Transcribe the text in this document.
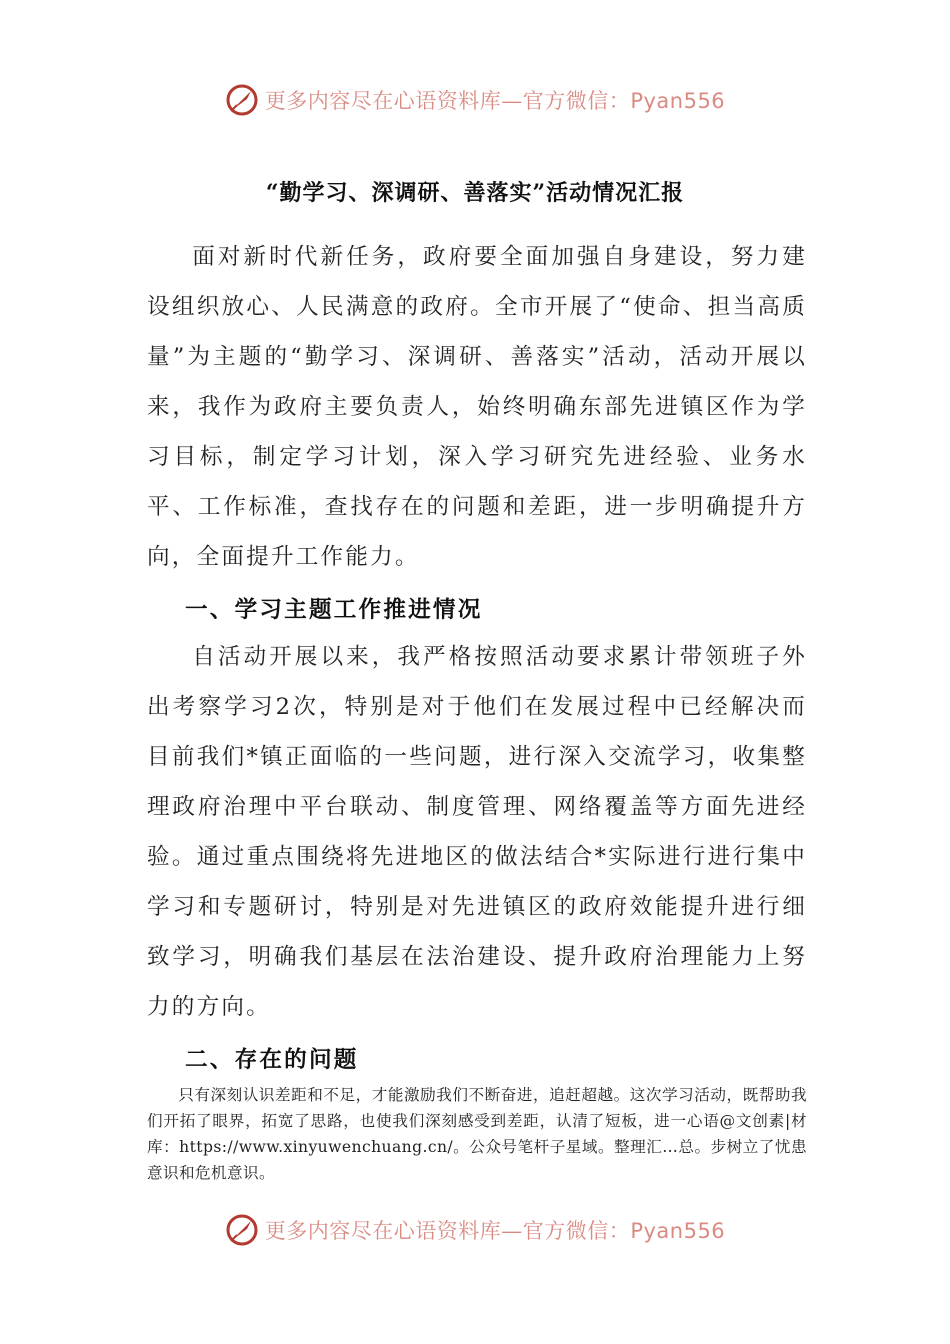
更多内容尽在心语资料库—官方微信：Pyan556
“勤学习、深调研、善落实”活动情况汇报
面对新时代新任务，政府要全面加强自身建设，努力建设组织放心、人民满意的政府。全市开展了“使命、担当高质量”为主题的“勤学习、深调研、善落实”活动，活动开展以来，我作为政府主要负责人，始终明确东部先进镇区作为学习目标，制定学习计划，深入学习研究先进经验、业务水平、工作标准，查找存在的问题和差距，进一步明确提升方向，全面提升工作能力。
一、学习主题工作推进情况
自活动开展以来，我严格按照活动要求累计带领班子外出考察学习2次，特别是对于他们在发展过程中已经解决而目前我们*镇正面临的一些问题，进行深入交流学习，收集整理政府治理中平台联动、制度管理、网络覆盖等方面先进经验。通过重点围绕将先进地区的做法结合*实际进行进行集中学习和专题研讨，特别是对先进镇区的政府效能提升进行细致学习，明确我们基层在法治建设、提升政府治理能力上努力的方向。
二、存在的问题
只有深刻认识差距和不足，才能激励我们不断奋进，追赶超越。这次学习活动，既帮助我们开拓了眼界，拓宽了思路，也使我们深刻感受到差距，认清了短板，进一心语@文创素|材库：https://www.xinyuwenchuang.cn/。公众号笔杆子星域。整理汇…总。步树立了忧患意识和危机意识。
更多内容尽在心语资料库—官方微信：Pyan556
